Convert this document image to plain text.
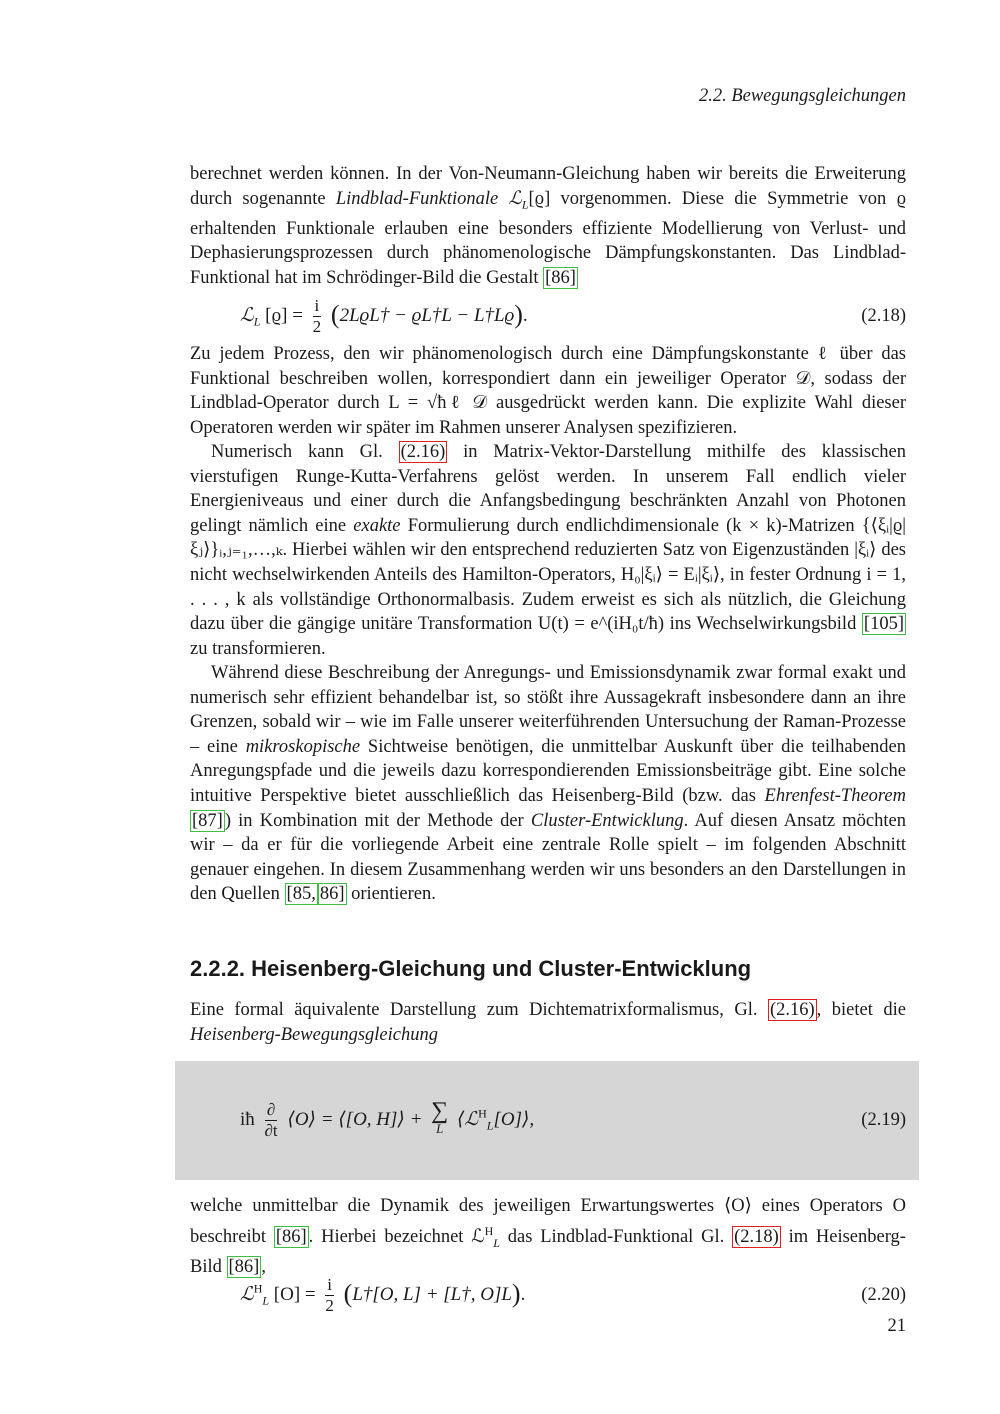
2.2. Bewegungsgleichungen

berechnet werden können. In der Von-Neumann-Gleichung haben wir bereits die Erweiterung durch sogenannte Lindblad-Funktionale ℒ$_L$[ϱ] vorgenommen. Diese die Symmetrie von ϱ erhaltenden Funktionale erlauben eine besonders effiziente Modellierung von Verlust- und Dephasierungsprozessen durch phänomenologische Dämpfungskonstanten. Das Lindblad-Funktional hat im Schrödinger-Bild die Gestalt [86]

ℒ$_L$ $[ϱ] = \frac{i}{2}$ (2LϱL† − ϱL†L − L†Lϱ).	(2.18)

Zu jedem Prozess, den wir phänomenologisch durch eine Dämpfungskonstante ℓ über das Funktional beschreiben wollen, korrespondiert dann ein jeweiliger Operator 𝒟, sodass der Lindblad-Operator durch L = √ħℓ 𝒟 ausgedrückt werden kann. Die explizite Wahl dieser Operatoren werden wir später im Rahmen unserer Analysen spezifizieren.

Numerisch kann Gl. (2.16) in Matrix-Vektor-Darstellung mithilfe des klassischen vierstufigen Runge-Kutta-Verfahrens gelöst werden. In unserem Fall endlich vieler Energieniveaus und einer durch die Anfangsbedingung beschränkten Anzahl von Photonen gelingt nämlich eine exakte Formulierung durch endlichdimensionale (k × k)-Matrizen {⟨ξᵢ|ϱ|ξⱼ⟩}ᵢ,ⱼ₌₁,…,ₖ. Hierbei wählen wir den entsprechend reduzierten Satz von Eigenzuständen |ξᵢ⟩ des nicht wechselwirkenden Anteils des Hamilton-Operators, H₀|ξᵢ⟩ = Eᵢ|ξᵢ⟩, in fester Ordnung i = 1, . . . , k als vollständige Orthonormalbasis. Zudem erweist es sich als nützlich, die Gleichung dazu über die gängige unitäre Transformation U(t) = e^(iH₀t/ħ) ins Wechselwirkungsbild [105] zu transformieren.

Während diese Beschreibung der Anregungs- und Emissionsdynamik zwar formal exakt und numerisch sehr effizient behandelbar ist, so stößt ihre Aussagekraft insbesondere dann an ihre Grenzen, sobald wir – wie im Falle unserer weiterführenden Untersuchung der Raman-Prozesse – eine mikroskopische Sichtweise benötigen, die unmittelbar Auskunft über die teilhabenden Anregungspfade und die jeweils dazu korrespondierenden Emissionsbeiträge gibt. Eine solche intuitive Perspektive bietet ausschließlich das Heisenberg-Bild (bzw. das Ehrenfest-Theorem [87] ) in Kombination mit der Methode der Cluster-Entwicklung. Auf diesen Ansatz möchten wir – da er für die vorliegende Arbeit eine zentrale Rolle spielt – im folgenden Abschnitt genauer eingehen. In diesem Zusammenhang werden wir uns besonders an den Darstellungen in den Quellen [85, 86] orientieren.

2.2.2. Heisenberg-Gleichung und Cluster-Entwicklung

Eine formal äquivalente Darstellung zum Dichtematrixformalismus, Gl. (2.16) , bietet die Heisenberg-Bewegungsgleichung

iħ $\frac{\partial}{\partial t}$ ⟨O⟩ = ⟨[O, H]⟩ + ∑
L ⟨ℒ$^H_L$[O]⟩,	(2.19)

welche unmittelbar die Dynamik des jeweiligen Erwartungswertes ⟨O⟩ eines Operators O beschreibt [86] . Hierbei bezeichnet ℒ$^H_L$ das Lindblad-Funktional Gl. (2.18) im Heisenberg-Bild [86] ,

ℒ$^H_L$ $[O] = \frac{i}{2}$ (L†[O, L] + [L†, O]L).	(2.20)
21
